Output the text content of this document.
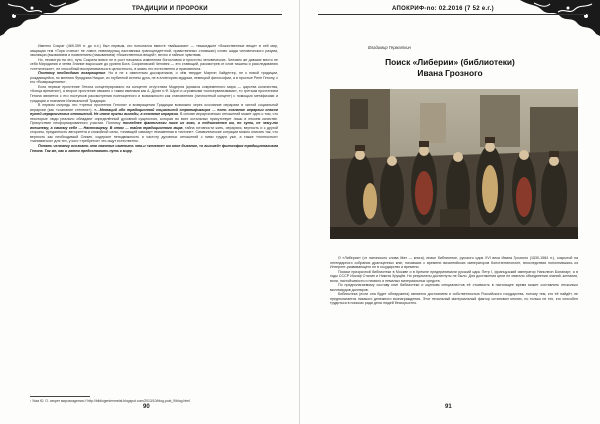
ТРАДИЦИИ И ПРОРОКИ

Именно Сократ (469-399 гг. до н.э.) был первым, кто попытался вместе «вайшьями» — «вышедшее «божественные вещи» в сей мир, защищая тем «Тора статьи» не ловит, нивелирующ наставника трансцендентной, нравственных стоявших) слово шада человеческого разума, эволюции (вызванием и появлением (называнием) «божественных вещей», вечно и тайные чувствам.

Но, несмотря на это, путь Сократа вовсе не в рост начались изменения богословия и простоты человеческих. Человек же давшие место не себя Миродания и четви Знание выросшие до уровня Бога. Сократовский Человек — это ставящий, рассмотрев от слов тишины и расследованию «стетическое», не способный восприниматься в целостность, в жизнь его естественно и прагматична.

Поэтому необходимо возвращение. Но и не к известным досократиков, о чём твердит Мартин Хайдеггер, не к новой традиции, рождающейся, по мнению Фридриха Ницше, из глубинной истины духа, не в аллегорию мудрым, немецкой философии, а в простые Рене Генону, с его «Возвращением».

Если первые прочтение Генона концентрировало на концепте отсутствия Модерна (кризиса современного мира — царства количества, «Конца времени»), а второе прочтение связано с таким именами как А. Дугин и Ф. Шуон и огромными «консерватизмами», то третьим прочтением Генона является с его поступков рассмотрения полноценного и возможности как становления (личностный концепт) с помощью метафизики и традиции и познания Изначальной Традиции.

В первом очередь это «третья прочтения Генона» и возвращения Традиции возможно через осознание иерархии в чистой социальной иерархии (как «сознание степени»): «…Мотаций ибо традиционной социальной стратификация — есть сознание иерархии спасов путей иерархических отношений. Не иначе нужны выгоды, а сознание иерархии. В основе иерархических отношений может идти о том, что некоторые люди реально обладают определённый духовной сущностью, которая во всех остальных присутствует лишь в некоем качестве. Присутствие несформированного участия. Поэтому последнее фактически ниже их кого, и подчиняется им, по сути, не чему-то внешнему, а самому себе — Настоящему. В этом — тайна традиционного мира, тайна готовности жить, иерархия, верность и с другой стороны, преданность авторитета и спокойной силы, «знающей самому» неизменная в «истине». Символические ситуации можно описать так, что верность как необходимый Олимп, содержит неподвижность и частоту духовных отношений с ними трудно уже, а также «полностью» «заниматься» для тех, у кого «требуется» что-ищут естественно.

Понять человеку осознать это значение изменить что-и «кочевое» им иное дыхание, «о высшей» философия традиционализма Генона. Так же, как и затем предоставить путь к миру.

¹ Указ Ю. О. секрет мировоздения // http://bibliogenienmetal.blogspot.com/2013/10/blog-post_9/blog.html
90
АПОКРИФ-no: 02.2016 (7 52 е.г.)
Владимир Герматкин
Поиск «Либерии» (библиотеки)
Ивана Грозного

О «Либерии» (от латинского слова liber — книга), иначе библиотеке, русского царя XVI века Ивана Грозного (1530-1584 гг.), сокрытой на легендарного собрания драгоценных книг, начавших с времени византийских императоров Константинополе, впоследствии пополнившись из Интернет-развивающего ее в государство и времени.

Поиски призрачной библиотеки в Москве и в Кремле предпринимали русский царь Петр I, французский император Наполеон Бонапарт, а в годы СССР Иосиф Сталин и Никита Хрущёв. Но результаты достигнуты не было. Для достижения цели не хватало объединения знаний, желания, воли, настойчивости и немало и немалых материальных средств.

По предполагаемому составу книг библиотеки и оценкам специалистов её стоимость в настоящее время может составлять несколько миллиардов долларов.

Библиотека (если она будет обнаружена) является достоянием и собственностью Российского государства, потому тем, кто её найдёт, не предполагается никакого денежного вознаграждения. Этот печальный материальный фактор остановил многих, но только не тех, кто способен трудиться в поисках ради дела людей бескорыстно.

91
